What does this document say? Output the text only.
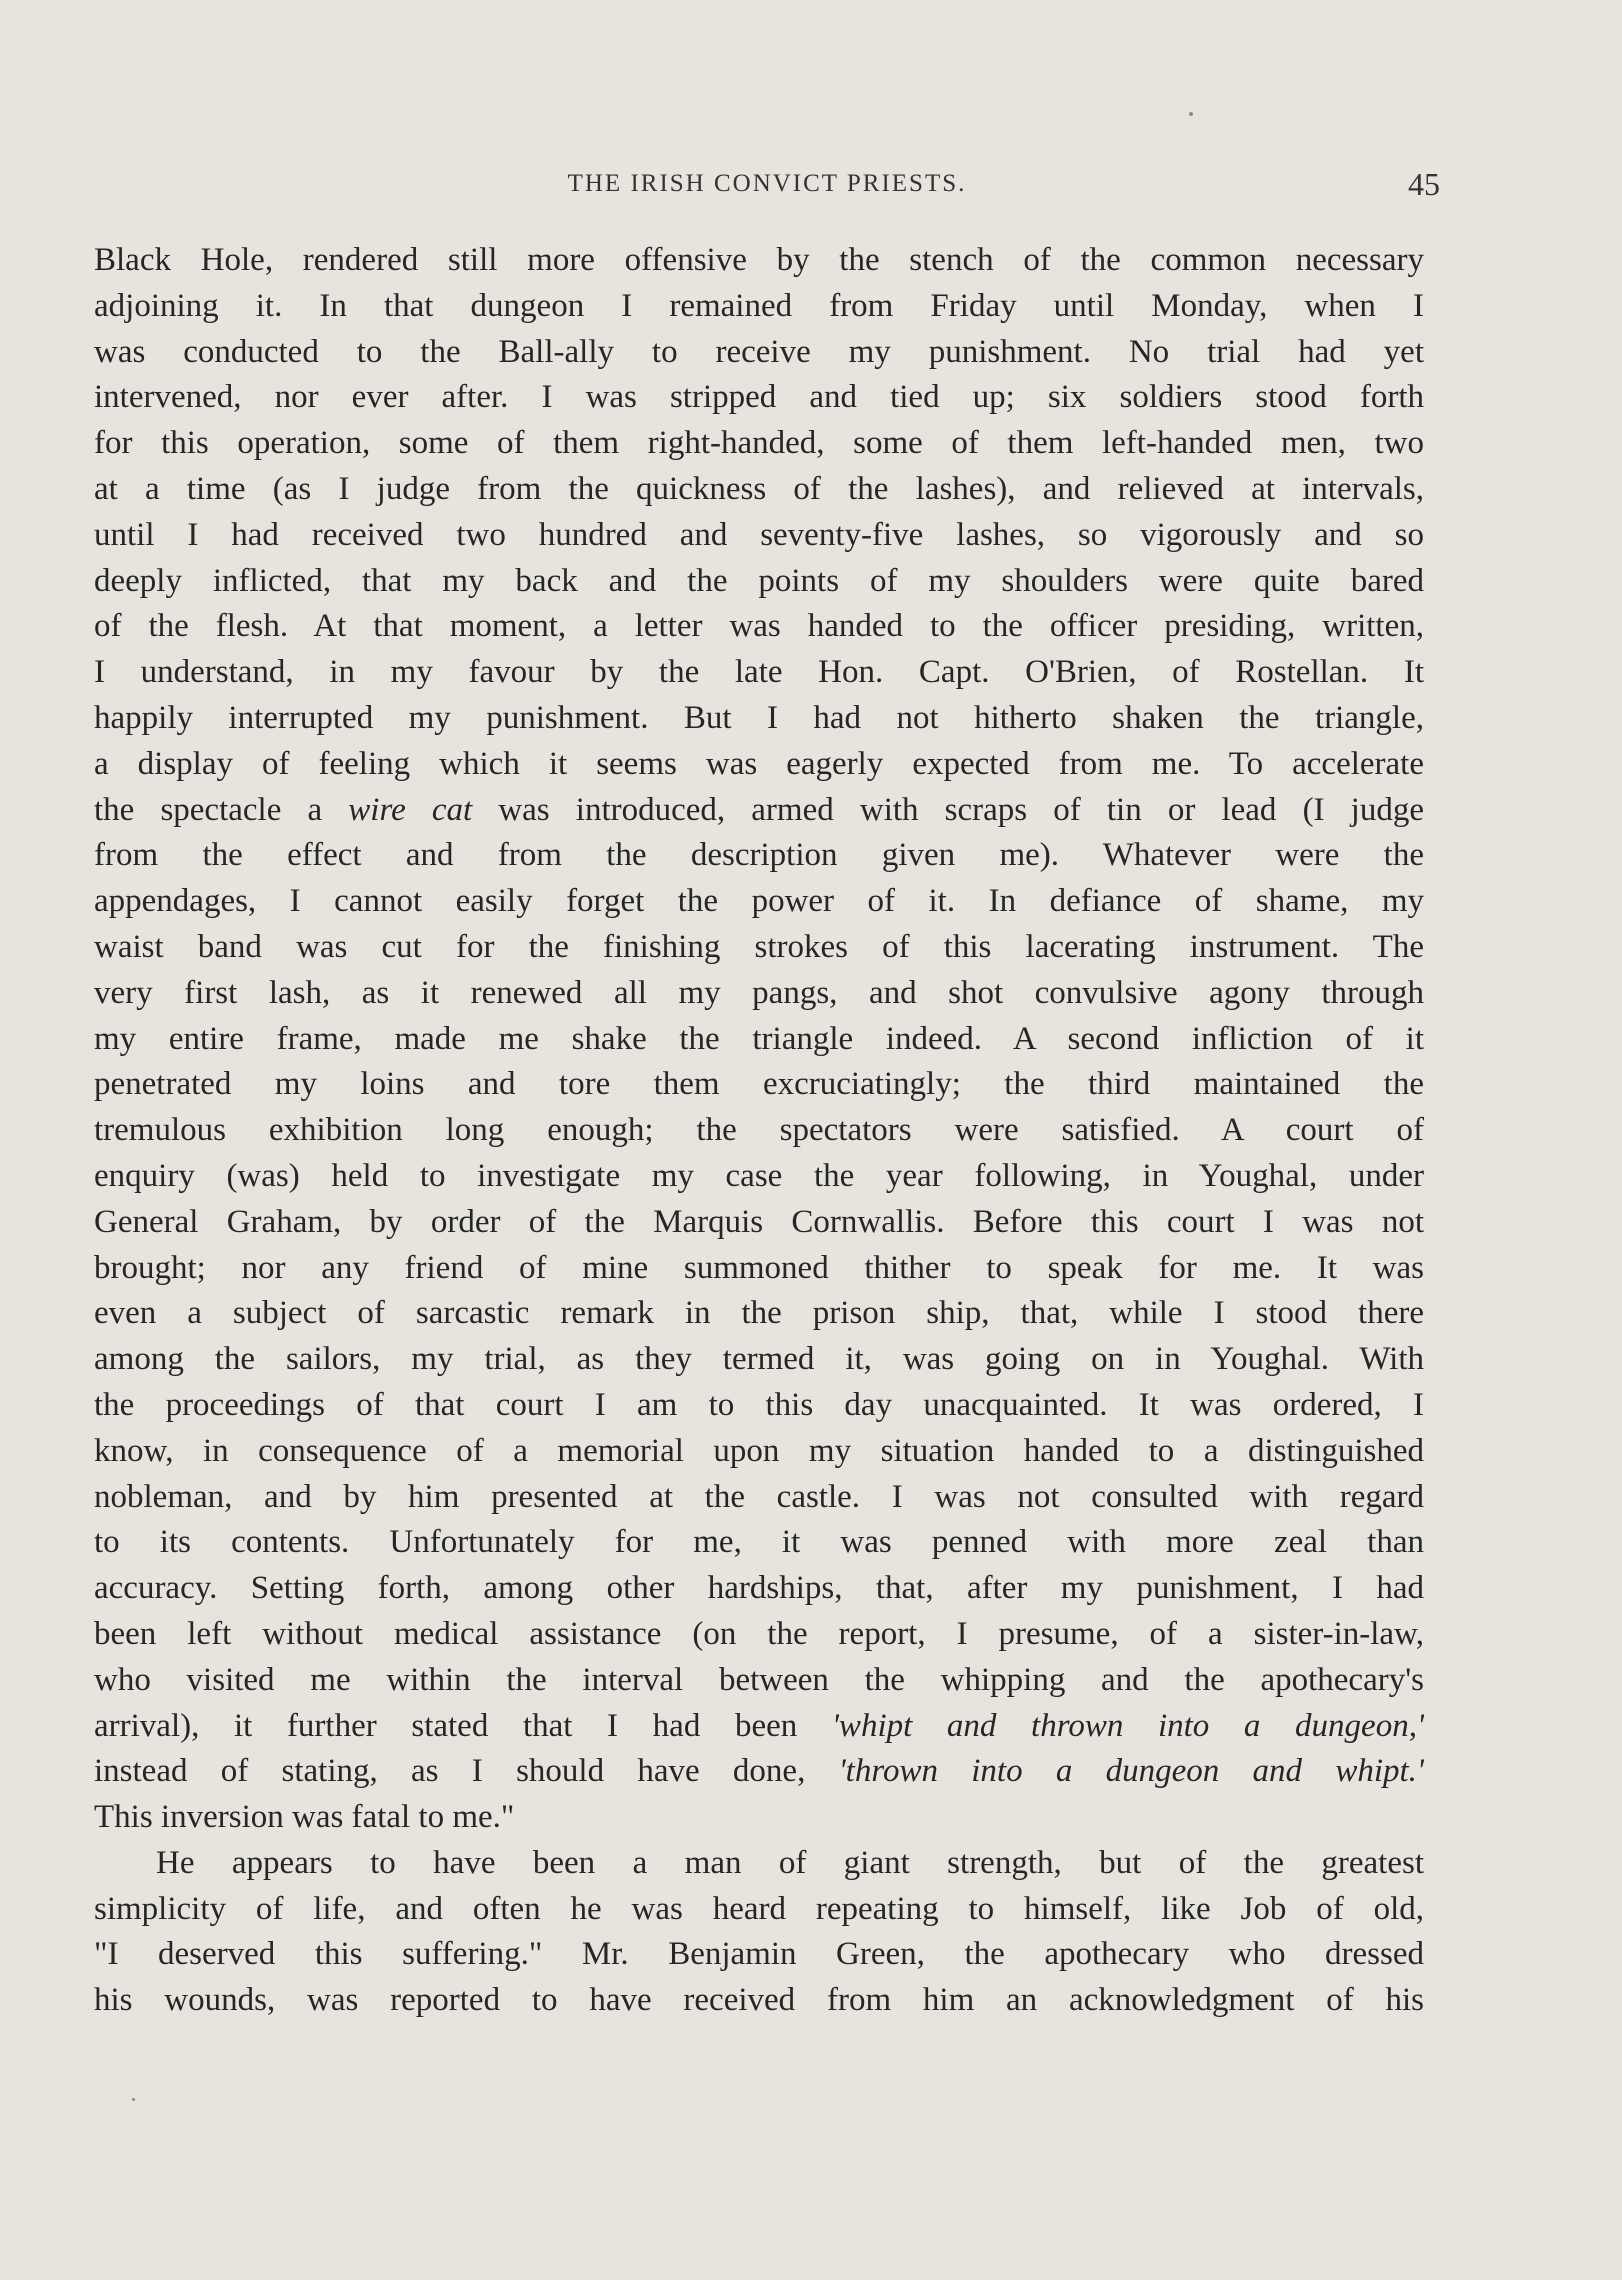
THE IRISH CONVICT PRIESTS.	45
Black Hole, rendered still more offensive by the stench of the common necessary
adjoining it. In that dungeon I remained from Friday until Monday, when I
was conducted to the Ball-ally to receive my punishment. No trial had yet
intervened, nor ever after. I was stripped and tied up; six soldiers stood forth
for this operation, some of them right-handed, some of them left-handed men, two
at a time (as I judge from the quickness of the lashes), and relieved at intervals,
until I had received two hundred and seventy-five lashes, so vigorously and so
deeply inflicted, that my back and the points of my shoulders were quite bared
of the flesh. At that moment, a letter was handed to the officer presiding, written,
I understand, in my favour by the late Hon. Capt. O'Brien, of Rostellan. It
happily interrupted my punishment. But I had not hitherto shaken the triangle,
a display of feeling which it seems was eagerly expected from me. To accelerate
the spectacle a wire cat was introduced, armed with scraps of tin or lead (I judge
from the effect and from the description given me). Whatever were the
appendages, I cannot easily forget the power of it. In defiance of shame, my
waist band was cut for the finishing strokes of this lacerating instrument. The
very first lash, as it renewed all my pangs, and shot convulsive agony through
my entire frame, made me shake the triangle indeed. A second infliction of it
penetrated my loins and tore them excruciatingly; the third maintained the
tremulous exhibition long enough; the spectators were satisfied. A court of
enquiry (was) held to investigate my case the year following, in Youghal, under
General Graham, by order of the Marquis Cornwallis. Before this court I was not
brought; nor any friend of mine summoned thither to speak for me. It was
even a subject of sarcastic remark in the prison ship, that, while I stood there
among the sailors, my trial, as they termed it, was going on in Youghal. With
the proceedings of that court I am to this day unacquainted. It was ordered, I
know, in consequence of a memorial upon my situation handed to a distinguished
nobleman, and by him presented at the castle. I was not consulted with regard
to its contents. Unfortunately for me, it was penned with more zeal than
accuracy. Setting forth, among other hardships, that, after my punishment, I had
been left without medical assistance (on the report, I presume, of a sister-in-law,
who visited me within the interval between the whipping and the apothecary's
arrival), it further stated that I had been 'whipt and thrown into a dungeon,'
instead of stating, as I should have done, 'thrown into a dungeon and whipt.'
This inversion was fatal to me."
He appears to have been a man of giant strength, but of the greatest
simplicity of life, and often he was heard repeating to himself, like Job of old,
"I deserved this suffering." Mr. Benjamin Green, the apothecary who dressed
his wounds, was reported to have received from him an acknowledgment of his
